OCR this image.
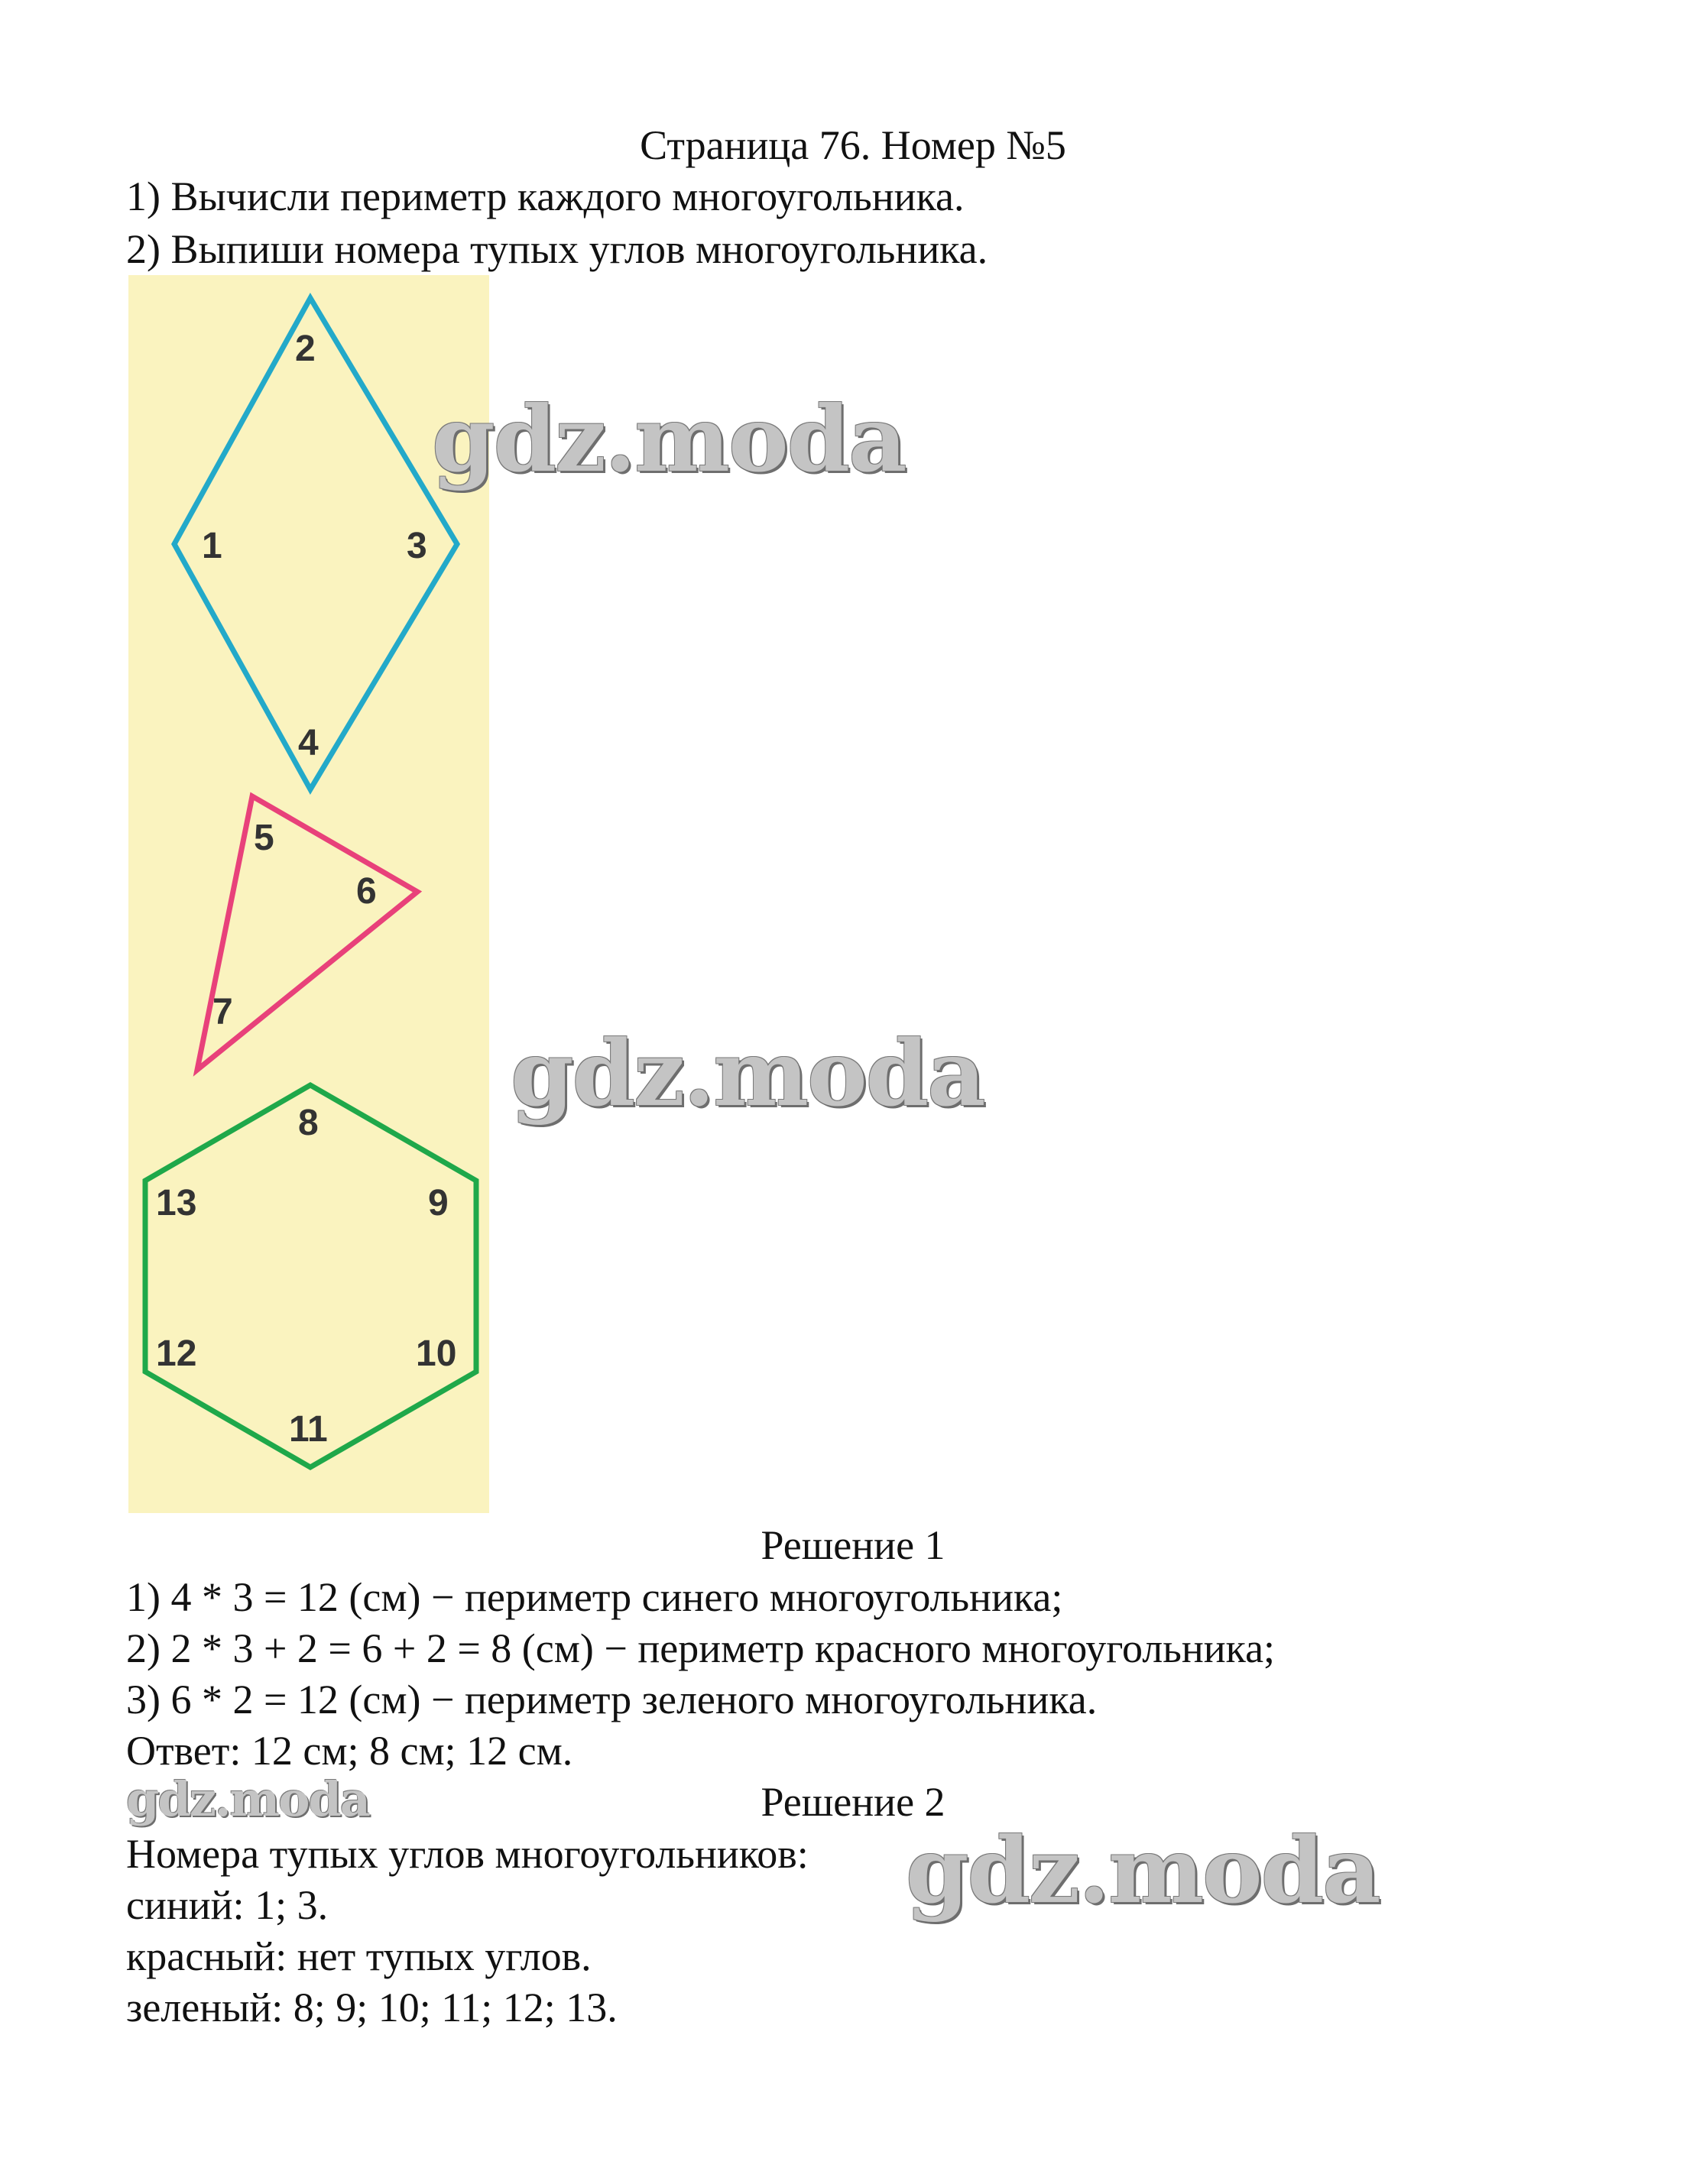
Страница 76. Номер №5
1) Вычисли периметр каждого многоугольника.
2) Выпиши номера тупых углов многоугольника.
1
2
3
4
5
6
7
8
9
10
11
12
13
gdz.moda
gdz.moda
Решение 1
1) 4 * 3 = 12 (см) − периметр синего многоугольника;
2) 2 * 3 + 2 = 6 + 2 = 8 (см) − периметр красного многоугольника;
3) 6 * 2 = 12 (см) − периметр зеленого многоугольника.
Ответ: 12 см; 8 см; 12 см.
gdz.moda	Решение 2
Номера тупых углов многоугольников: gdz.moda
синий: 1; 3.
красный: нет тупых углов.
зеленый: 8; 9; 10; 11; 12; 13.
